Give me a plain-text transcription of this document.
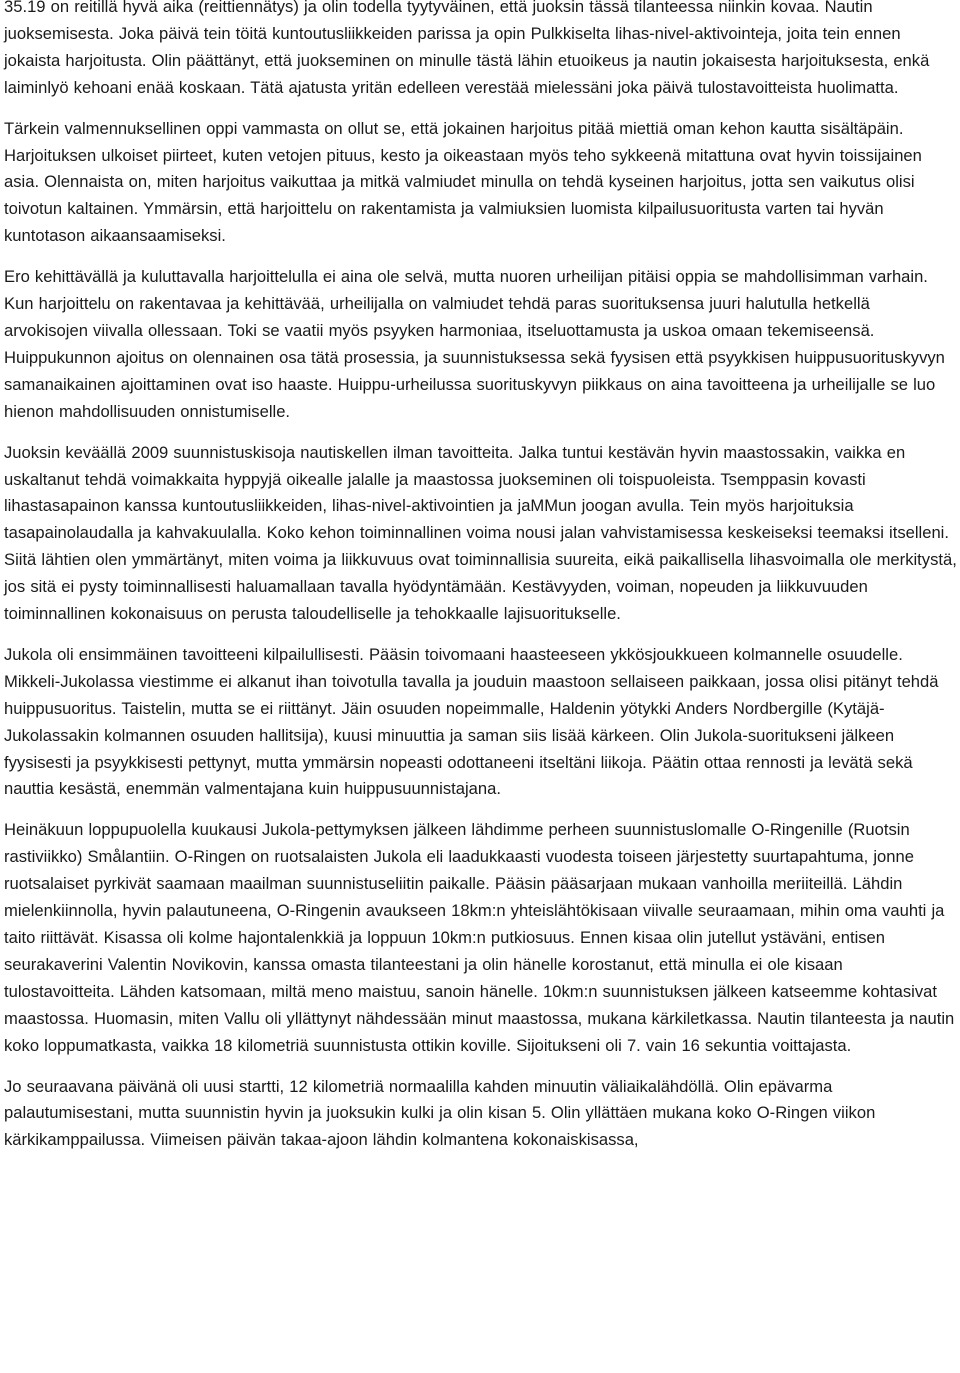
35.19 on reitillä hyvä aika (reittiennätys) ja olin todella tyytyväinen, että juoksin tässä tilanteessa niinkin kovaa. Nautin juoksemisesta. Joka päivä tein töitä kuntoutusliikkeiden parissa ja opin Pulkkiselta lihas-nivel-aktivointeja, joita tein ennen jokaista harjoitusta. Olin päättänyt, että juokseminen on minulle tästä lähin etuoikeus ja nautin jokaisesta harjoituksesta, enkä laiminlyö kehoani enää koskaan. Tätä ajatusta yritän edelleen verestää mielessäni joka päivä tulostavoitteista huolimatta.

Tärkein valmennuksellinen oppi vammasta on ollut se, että jokainen harjoitus pitää miettiä oman kehon kautta sisältäpäin. Harjoituksen ulkoiset piirteet, kuten vetojen pituus, kesto ja oikeastaan myös teho sykkeenä mitattuna ovat hyvin toissijainen asia. Olennaista on, miten harjoitus vaikuttaa ja mitkä valmiudet minulla on tehdä kyseinen harjoitus, jotta sen vaikutus olisi toivotun kaltainen. Ymmärsin, että harjoittelu on rakentamista ja valmiuksien luomista kilpailusuoritusta varten tai hyvän kuntotason aikaansaamiseksi.

Ero kehittävällä ja kuluttavalla harjoittelulla ei aina ole selvä, mutta nuoren urheilijan pitäisi oppia se mahdollisimman varhain. Kun harjoittelu on rakentavaa ja kehittävää, urheilijalla on valmiudet tehdä paras suorituksensa juuri halutulla hetkellä arvokisojen viivalla ollessaan. Toki se vaatii myös psyyken harmoniaa, itseluottamusta ja uskoa omaan tekemiseensä. Huippukunnon ajoitus on olennainen osa tätä prosessia, ja suunnistuksessa sekä fyysisen että psyykkisen huippusuorituskyvyn samanaikainen ajoittaminen ovat iso haaste. Huippu-urheilussa suorituskyvyn piikkaus on aina tavoitteena ja urheilijalle se luo hienon mahdollisuuden onnistumiselle.

Juoksin keväällä 2009 suunnistuskisoja nautiskellen ilman tavoitteita. Jalka tuntui kestävän hyvin maastossakin, vaikka en uskaltanut tehdä voimakkaita hyppyjä oikealle jalalle ja maastossa juokseminen oli toispuoleista. Tsemppasin kovasti lihastasapainon kanssa kuntoutusliikkeiden, lihas-nivel-aktivointien ja jaMMun joogan avulla. Tein myös harjoituksia tasapainolaudalla ja kahvakuulalla. Koko kehon toiminnallinen voima nousi jalan vahvistamisessa keskeiseksi teemaksi itselleni. Siitä lähtien olen ymmärtänyt, miten voima ja liikkuvuus ovat toiminnallisia suureita, eikä paikallisella lihasvoimalla ole merkitystä, jos sitä ei pysty toiminnallisesti haluamallaan tavalla hyödyntämään. Kestävyyden, voiman, nopeuden ja liikkuvuuden toiminnallinen kokonaisuus on perusta taloudelliselle ja tehokkaalle lajisuoritukselle.

Jukola oli ensimmäinen tavoitteeni kilpailullisesti. Pääsin toivomaani haasteeseen ykkösjoukkueen kolmannelle osuudelle. Mikkeli-Jukolassa viestimme ei alkanut ihan toivotulla tavalla ja jouduin maastoon sellaiseen paikkaan, jossa olisi pitänyt tehdä huippusuoritus. Taistelin, mutta se ei riittänyt. Jäin osuuden nopeimmalle, Haldenin yötykki Anders Nordbergille (Kytäjä-Jukolassakin kolmannen osuuden hallitsija), kuusi minuuttia ja saman siis lisää kärkeen. Olin Jukola-suoritukseni jälkeen fyysisesti ja psyykkisesti pettynyt, mutta ymmärsin nopeasti odottaneeni itseltäni liikoja. Päätin ottaa rennosti ja levätä sekä nauttia kesästä, enemmän valmentajana kuin huippusuunnistajana.

Heinäkuun loppupuolella kuukausi Jukola-pettymyksen jälkeen lähdimme perheen suunnistuslomalle O-Ringenille (Ruotsin rastiviikko) Smålantiin. O-Ringen on ruotsalaisten Jukola eli laadukkaasti vuodesta toiseen järjestetty suurtapahtuma, jonne ruotsalaiset pyrkivät saamaan maailman suunnistuseliitin paikalle. Pääsin pääsarjaan mukaan vanhoilla meriiteillä. Lähdin mielenkiinnolla, hyvin palautuneena, O-Ringenin avaukseen 18km:n yhteislähtökisaan viivalle seuraamaan, mihin oma vauhti ja taito riittävät. Kisassa oli kolme hajontalenkkiä ja loppuun 10km:n putkiosuus. Ennen kisaa olin jutellut ystäväni, entisen seurakaverini Valentin Novikovin, kanssa omasta tilanteestani ja olin hänelle korostanut, että minulla ei ole kisaan tulostavoitteita. Lähden katsomaan, miltä meno maistuu, sanoin hänelle. 10km:n suunnistuksen jälkeen katseemme kohtasivat maastossa. Huomasin, miten Vallu oli yllättynyt nähdessään minut maastossa, mukana kärkiletkassa. Nautin tilanteesta ja nautin koko loppumatkasta, vaikka 18 kilometriä suunnistusta ottikin koville. Sijoitukseni oli 7. vain 16 sekuntia voittajasta.

Jo seuraavana päivänä oli uusi startti, 12 kilometriä normaalilla kahden minuutin väliaikalähdöllä. Olin epävarma palautumisestani, mutta suunnistin hyvin ja juoksukin kulki ja olin kisan 5. Olin yllättäen mukana koko O-Ringen viikon kärkikamppailussa. Viimeisen päivän takaa-ajoon lähdin kolmantena kokonaiskisassa,
